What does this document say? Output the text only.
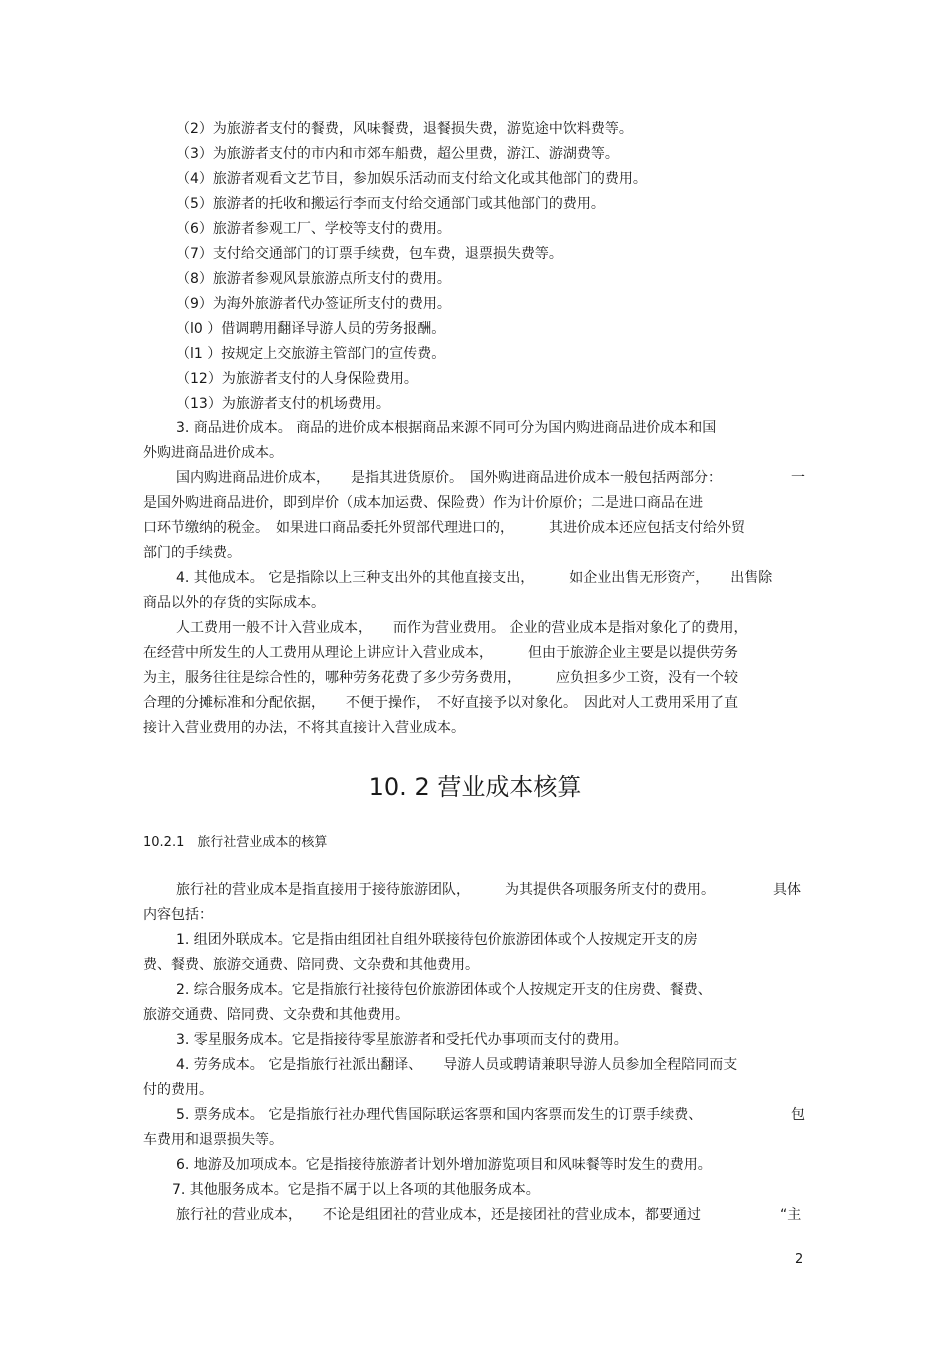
（2）为旅游者支付的餐费，风味餐费，退餐损失费，游览途中饮料费等。
（3）为旅游者支付的市内和市郊车船费，超公里费，游江、游湖费等。
（4）旅游者观看文艺节目，参加娱乐活动而支付给文化或其他部门的费用。
（5）旅游者的托收和搬运行李而支付给交通部门或其他部门的费用。
（6）旅游者参观工厂、学校等支付的费用。
（7）支付给交通部门的订票手续费，包车费，退票损失费等。
（8）旅游者参观风景旅游点所支付的费用。
（9）为海外旅游者代办签证所支付的费用。
（l0 ）借调聘用翻译导游人员的劳务报酬。
（l1 ）按规定上交旅游主管部门的宣传费。
（12）为旅游者支付的人身保险费用。
（13）为旅游者支付的机场费用。
3. 商品进价成本。 商品的进价成本根据商品来源不同可分为国内购进商品进价成本和国
外购进商品进价成本。
国内购进商品进价成本，　　是指其进货原价。　国外购进商品进价成本一般包括两部分：	一
是国外购进商品进价，即到岸价（成本加运费、保险费）作为计价原价；二是进口商品在进
口环节缴纳的税金。　如果进口商品委托外贸部代理进口的，　　　其进价成本还应包括支付给外贸
部门的手续费。
4. 其他成本。 它是指除以上三种支出外的其他直接支出，　　　如企业出售无形资产，　　出售除
商品以外的存货的实际成本。
人工费用一般不计入营业成本，　　而作为营业费用。 企业的营业成本是指对象化了的费用，
在经营中所发生的人工费用从理论上讲应计入营业成本，　　　但由于旅游企业主要是以提供劳务
为主，服务往往是综合性的，哪种劳务花费了多少劳务费用，　　　应负担多少工资，没有一个较
合理的分摊标准和分配依据，　　不便于操作，　不好直接予以对象化。　因此对人工费用采用了直
接计入营业费用的办法，不将其直接计入营业成本。
10. 2 营业成本核算
10.2.1　旅行社营业成本的核算
旅行社的营业成本是指直接用于接待旅游团队，　　　为其提供各项服务所支付的费用。	具体
内容包括：
1. 组团外联成本。它是指由组团社自组外联接待包价旅游团体或个人按规定开支的房
费、餐费、旅游交通费、陪同费、文杂费和其他费用。
2. 综合服务成本。它是指旅行社接待包价旅游团体或个人按规定开支的住房费、餐费、
旅游交通费、陪同费、文杂费和其他费用。
3. 零星服务成本。它是指接待零星旅游者和受托代办事项而支付的费用。
4. 劳务成本。 它是指旅行社派出翻译、　　导游人员或聘请兼职导游人员参加全程陪同而支
付的费用。
5. 票务成本。 它是指旅行社办理代售国际联运客票和国内客票而发生的订票手续费、	包
车费用和退票损失等。
6. 地游及加项成本。它是指接待旅游者计划外增加游览项目和风味餐等时发生的费用。
7. 其他服务成本。它是指不属于以上各项的其他服务成本。
旅行社的营业成本，　　不论是组团社的营业成本，还是接团社的营业成本，都要通过	“主
2
